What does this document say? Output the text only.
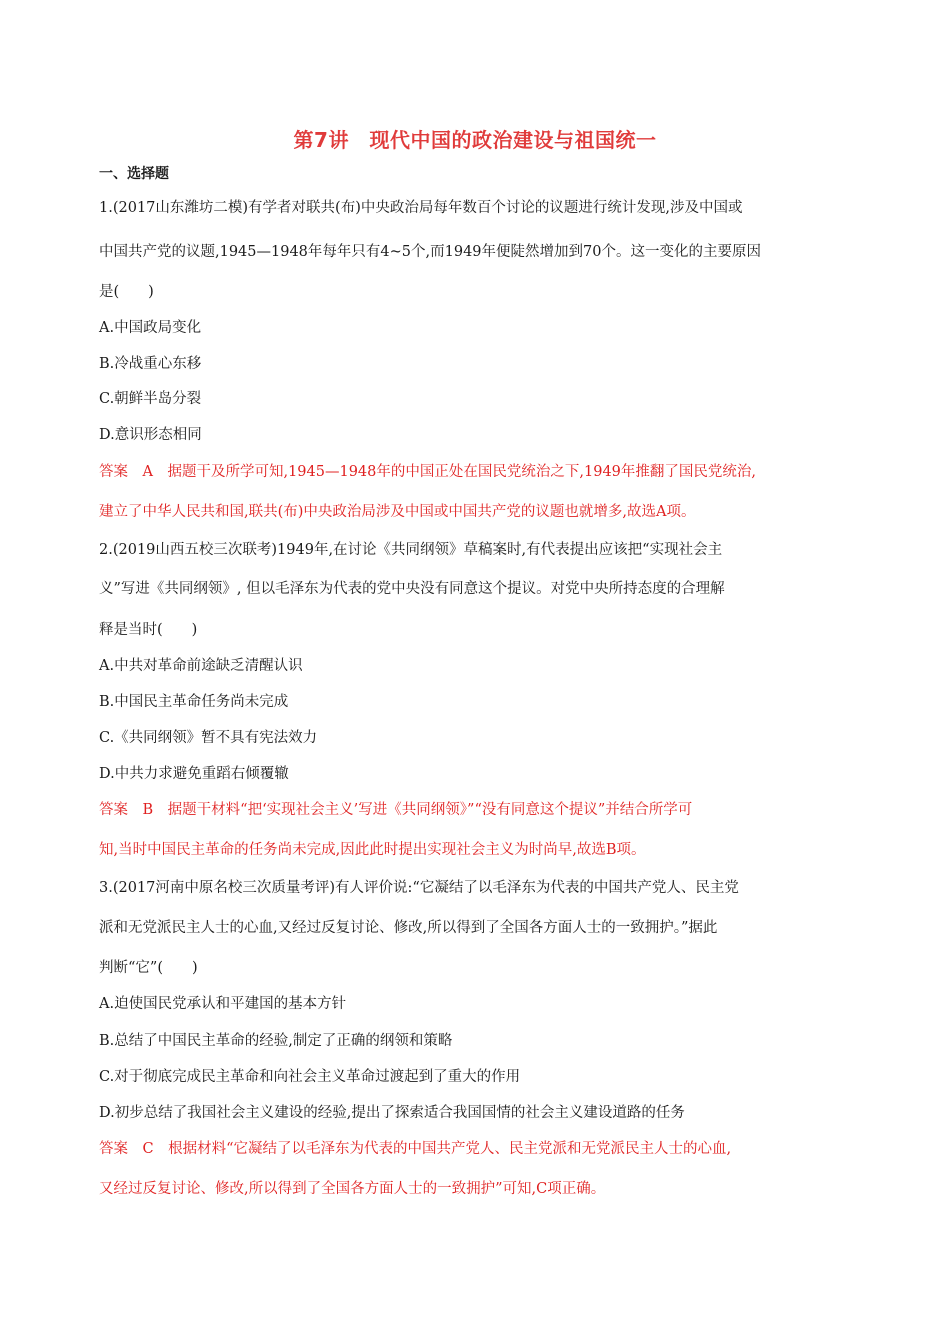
第7讲　现代中国的政治建设与祖国统一
一、选择题
1.(2017山东潍坊二模)有学者对联共(布)中央政治局每年数百个讨论的议题进行统计发现,涉及中国或
中国共产党的议题,1945—1948年每年只有4~5个,而1949年便陡然增加到70个。这一变化的主要原因
是(　　)
A.中国政局变化
B.冷战重心东移
C.朝鲜半岛分裂
D.意识形态相同
答案　A　据题干及所学可知,1945—1948年的中国正处在国民党统治之下,1949年推翻了国民党统治,
建立了中华人民共和国,联共(布)中央政治局涉及中国或中国共产党的议题也就增多,故选A项。
2.(2019山西五校三次联考)1949年,在讨论《共同纲领》草稿案时,有代表提出应该把“实现社会主
义”写进《共同纲领》, 但以毛泽东为代表的党中央没有同意这个提议。对党中央所持态度的合理解
释是当时(　　)
A.中共对革命前途缺乏清醒认识
B.中国民主革命任务尚未完成
C.《共同纲领》暂不具有宪法效力
D.中共力求避免重蹈右倾覆辙
答案　B　据题干材料“把‘实现社会主义’写进《共同纲领》”“没有同意这个提议”并结合所学可
知,当时中国民主革命的任务尚未完成,因此此时提出实现社会主义为时尚早,故选B项。
3.(2017河南中原名校三次质量考评)有人评价说:“它凝结了以毛泽东为代表的中国共产党人、民主党
派和无党派民主人士的心血,又经过反复讨论、修改,所以得到了全国各方面人士的一致拥护。”据此
判断“它”(　　)
A.迫使国民党承认和平建国的基本方针
B.总结了中国民主革命的经验,制定了正确的纲领和策略
C.对于彻底完成民主革命和向社会主义革命过渡起到了重大的作用
D.初步总结了我国社会主义建设的经验,提出了探索适合我国国情的社会主义建设道路的任务
答案　C　根据材料“它凝结了以毛泽东为代表的中国共产党人、民主党派和无党派民主人士的心血,
又经过反复讨论、修改,所以得到了全国各方面人士的一致拥护”可知,C项正确。
